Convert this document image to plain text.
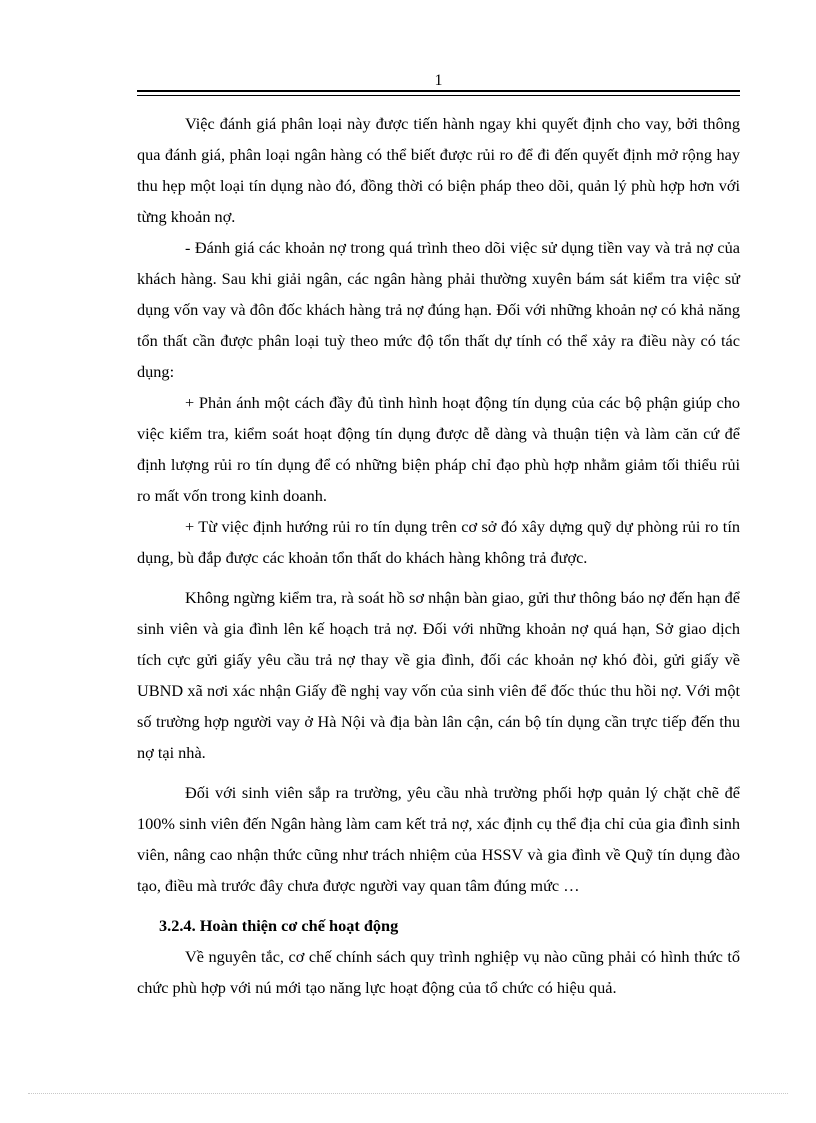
1

Việc đánh giá phân loại này được tiến hành ngay khi quyết định cho vay, bởi thông qua đánh giá, phân loại ngân hàng có thể biết được rủi ro để đi đến quyết định mở rộng hay thu hẹp một loại tín dụng nào đó, đồng thời có biện pháp theo dõi, quản lý phù hợp hơn với từng khoản nợ.

- Đánh giá các khoản nợ trong quá trình theo dõi việc sử dụng tiền vay và trả nợ của khách hàng. Sau khi giải ngân, các ngân hàng phải thường xuyên bám sát kiểm tra việc sử dụng vốn vay và đôn đốc khách hàng trả nợ đúng hạn. Đối với những khoản nợ có khả năng tổn thất cần được phân loại tuỳ theo mức độ tổn thất dự tính có thể xảy ra điều này có tác dụng:

+ Phản ánh một cách đầy đủ tình hình hoạt động tín dụng của các bộ phận giúp cho việc kiểm tra, kiểm soát hoạt động tín dụng được dễ dàng và thuận tiện và làm căn cứ để định lượng rủi ro tín dụng để có những biện pháp chỉ đạo phù hợp nhằm giảm tối thiểu rủi ro mất vốn trong kinh doanh.

+ Từ việc định hướng rủi ro tín dụng trên cơ sở đó xây dựng quỹ dự phòng rủi ro tín dụng, bù đắp được các khoản tổn thất do khách hàng không trả được.

Không ngừng kiểm tra, rà soát hồ sơ nhận bàn giao, gửi thư thông báo nợ đến hạn để sinh viên và gia đình lên kế hoạch trả nợ. Đối với những khoản nợ quá hạn, Sở giao dịch tích cực gửi giấy yêu cầu trả nợ thay về gia đình, đối các khoản nợ khó đòi, gửi giấy về UBND xã nơi xác nhận Giấy đề nghị vay vốn của sinh viên để đốc thúc thu hồi nợ. Với một số trường hợp người vay ở Hà Nội và địa bàn lân cận, cán bộ tín dụng cần trực tiếp đến thu nợ tại nhà.

Đối với sinh viên sắp ra trường, yêu cầu nhà trường phối hợp quản lý chặt chẽ để 100% sinh viên đến Ngân hàng làm cam kết trả nợ, xác định cụ thể địa chỉ của gia đình sinh viên, nâng cao nhận thức cũng như trách nhiệm của HSSV và gia đình về Quỹ tín dụng đào tạo, điều mà trước đây chưa được người vay quan tâm đúng mức …

3.2.4. Hoàn thiện cơ chế hoạt động

Về nguyên tắc, cơ chế chính sách quy trình nghiệp vụ nào cũng phải có hình thức tổ chức phù hợp với nú mới tạo năng lực hoạt động của tổ chức có hiệu quả.
